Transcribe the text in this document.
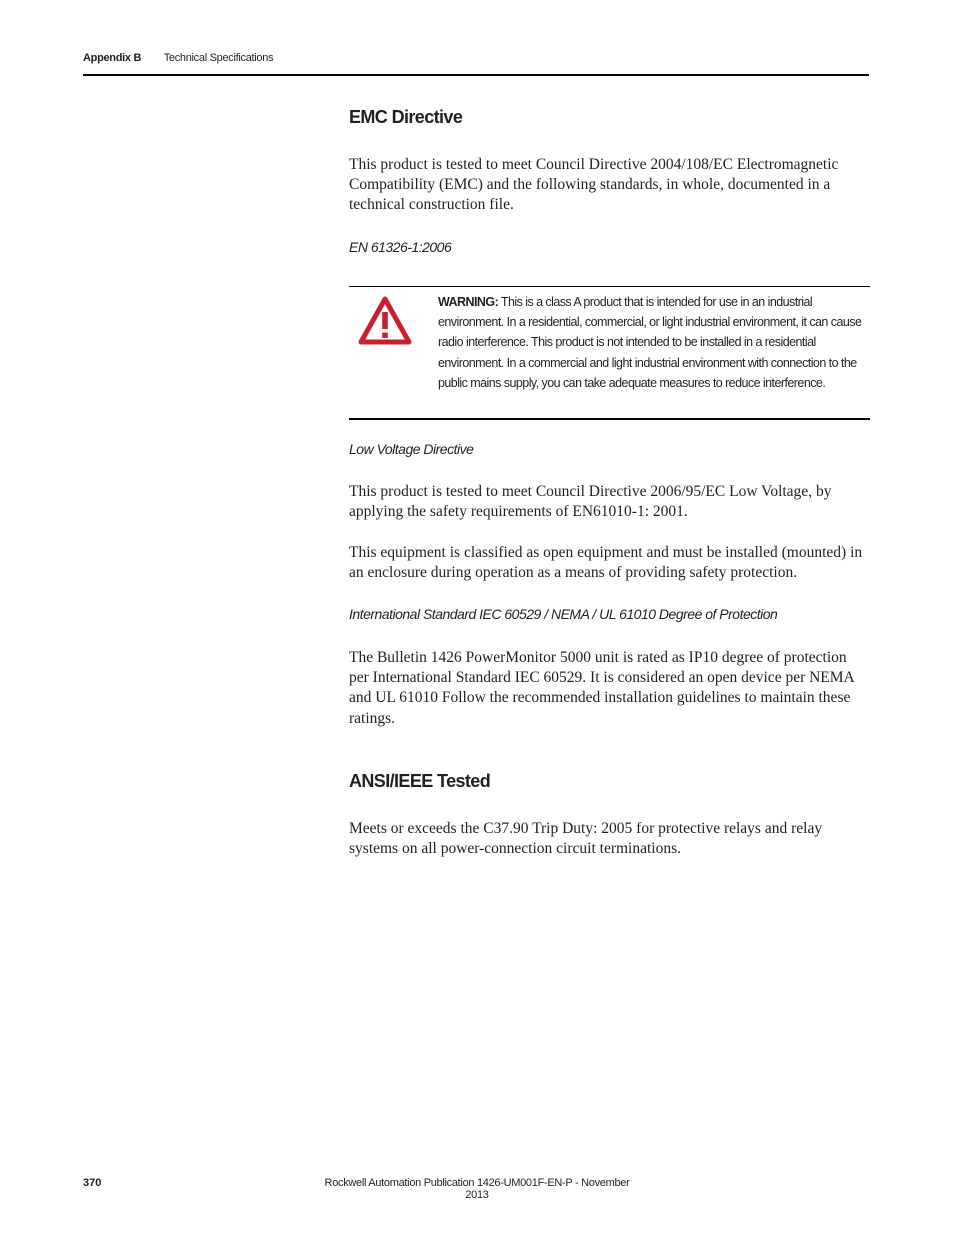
Appendix B Technical Specifications
EMC Directive
This product is tested to meet Council Directive 2004/108/EC Electromagnetic Compatibility (EMC) and the following standards, in whole, documented in a technical construction file.
EN 61326-1:2006
WARNING: This is a class A product that is intended for use in an industrial environment. In a residential, commercial, or light industrial environment, it can cause radio interference. This product is not intended to be installed in a residential environment. In a commercial and light industrial environment with connection to the public mains supply, you can take adequate measures to reduce interference.
Low Voltage Directive
This product is tested to meet Council Directive 2006/95/EC Low Voltage, by applying the safety requirements of EN61010-1: 2001.
This equipment is classified as open equipment and must be installed (mounted) in an enclosure during operation as a means of providing safety protection.
International Standard IEC 60529 / NEMA / UL 61010 Degree of Protection
The Bulletin 1426 PowerMonitor 5000 unit is rated as IP10 degree of protection per International Standard IEC 60529. It is considered an open device per NEMA and UL 61010 Follow the recommended installation guidelines to maintain these ratings.
ANSI/IEEE Tested
Meets or exceeds the C37.90 Trip Duty: 2005 for protective relays and relay systems on all power-connection circuit terminations.
370	Rockwell Automation Publication 1426-UM001F-EN-P - November 2013
